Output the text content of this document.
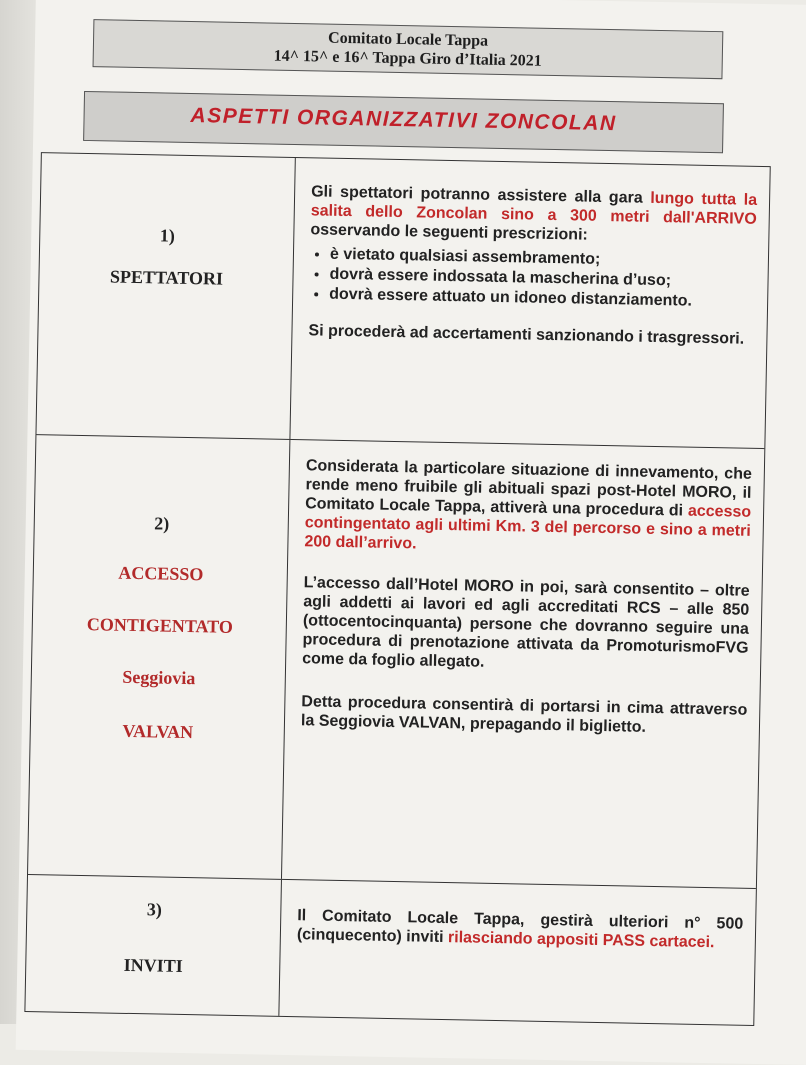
Comitato Locale Tappa
14^ 15^ e 16^ Tappa Giro d’Italia 2021
ASPETTI ORGANIZZATIVI ZONCOLAN
1)
SPETTATORI

Gli spettatori potranno assistere alla gara lungo tutta la salita dello Zoncolan sino a 300 metri dall'ARRIVO osservando le seguenti prescrizioni:

• è vietato qualsiasi assembramento;
• dovrà essere indossata la mascherina d’uso;
• dovrà essere attuato un idoneo distanziamento.

Si procederà ad accertamenti sanzionando i trasgressori.

2)
ACCESSO
CONTIGENTATO
Seggiovia
VALVAN

Considerata la particolare situazione di innevamento, che rende meno fruibile gli abituali spazi post-Hotel MORO, il Comitato Locale Tappa, attiverà una procedura di accesso contingentato agli ultimi Km. 3 del percorso e sino a metri 200 dall’arrivo.

L’accesso dall’Hotel MORO in poi, sarà consentito – oltre agli addetti ai lavori ed agli accreditati RCS – alle 850 (ottocentocinquanta) persone che dovranno seguire una procedura di prenotazione attivata da PromoturismoFVG come da foglio allegato.

Detta procedura consentirà di portarsi in cima attraverso la Seggiovia VALVAN, prepagando il biglietto.

3)
INVITI

Il Comitato Locale Tappa, gestirà ulteriori n° 500 (cinquecento) inviti rilasciando appositi PASS cartacei.
